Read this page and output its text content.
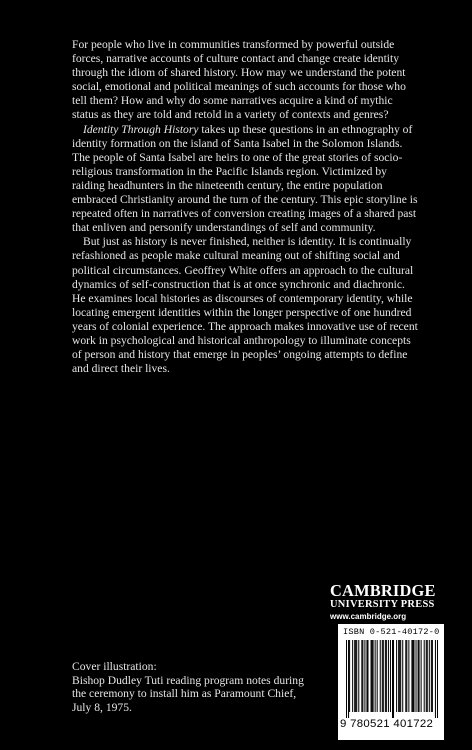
For people who live in communities transformed by powerful outside forces, narrative accounts of culture contact and change create identity through the idiom of shared history. How may we understand the potent social, emotional and political meanings of such accounts for those who tell them? How and why do some narratives acquire a kind of mythic status as they are told and retold in a variety of contexts and genres?

Identity Through History takes up these questions in an ethnography of identity formation on the island of Santa Isabel in the Solomon Islands. The people of Santa Isabel are heirs to one of the great stories of socio-religious transformation in the Pacific Islands region. Victimized by raiding headhunters in the nineteenth century, the entire population embraced Christianity around the turn of the century. This epic storyline is repeated often in narratives of conversion creating images of a shared past that enliven and personify understandings of self and community.

But just as history is never finished, neither is identity. It is continually refashioned as people make cultural meaning out of shifting social and political circumstances. Geoffrey White offers an approach to the cultural dynamics of self-construction that is at once synchronic and diachronic. He examines local histories as discourses of contemporary identity, while locating emergent identities within the longer perspective of one hundred years of colonial experience. The approach makes innovative use of recent work in psychological and historical anthropology to illuminate concepts of person and history that emerge in peoples’ ongoing attempts to define and direct their lives.

CAMBRIDGE
UNIVERSITY PRESS
www.cambridge.org
ISBN 0-521-40172-0
9 780521 401722
Cover illustration:
Bishop Dudley Tuti reading program notes during
the ceremony to install him as Paramount Chief,
July 8, 1975.
